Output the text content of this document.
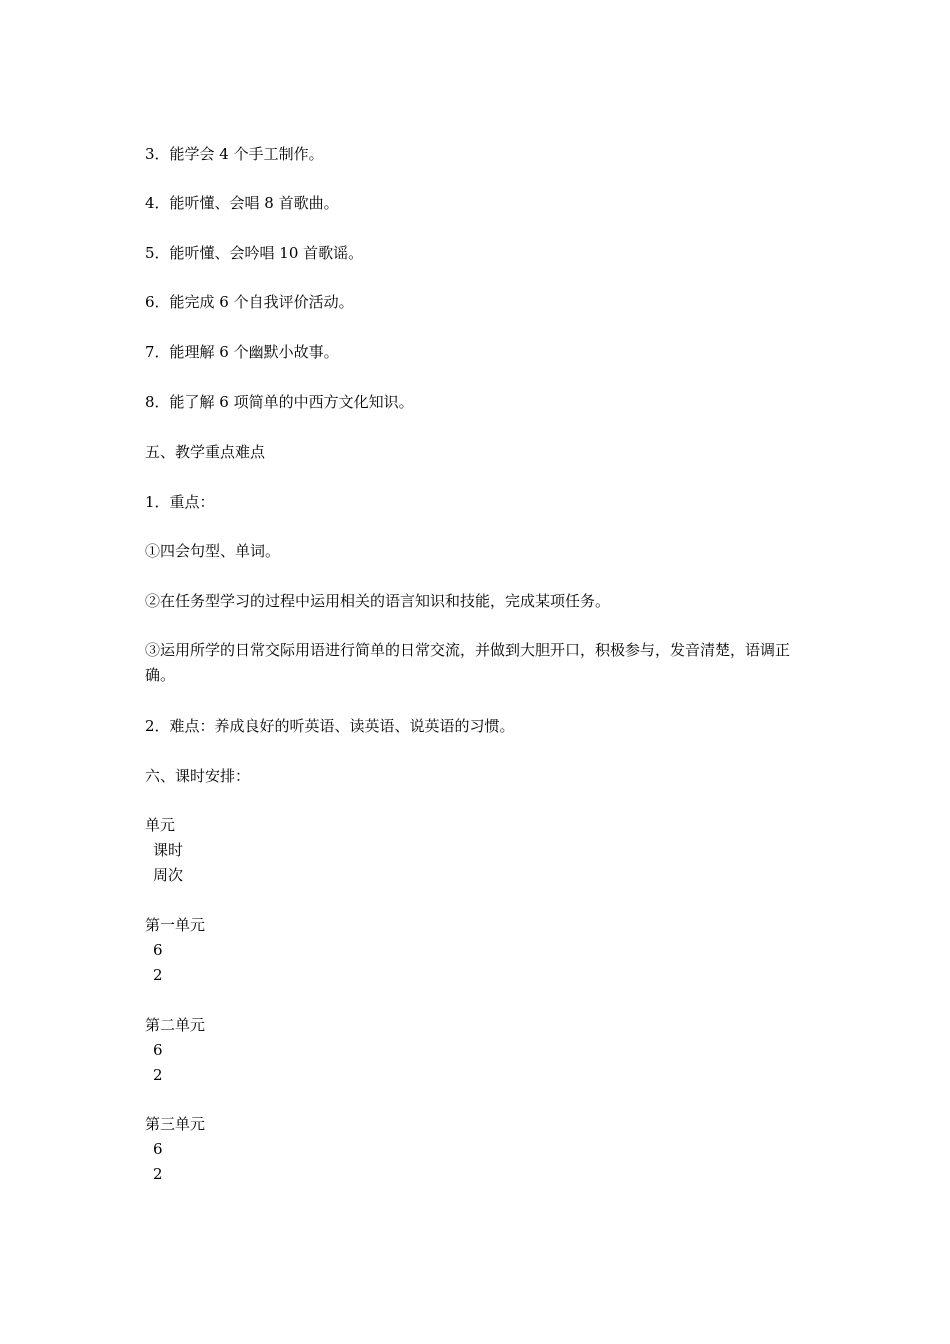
3．能学会 4 个手工制作。
4．能听懂、会唱 8 首歌曲。
5．能听懂、会吟唱 10 首歌谣。
6．能完成 6 个自我评价活动。
7．能理解 6 个幽默小故事。
8．能了解 6 项简单的中西方文化知识。
五、教学重点难点
1．重点：
①四会句型、单词。
②在任务型学习的过程中运用相关的语言知识和技能，完成某项任务。
③运用所学的日常交际用语进行简单的日常交流，并做到大胆开口，积极参与，发音清楚，语调正确。
2．难点：养成良好的听英语、读英语、说英语的习惯。
六、课时安排：
单元
课时
周次
第一单元
6
2
第二单元
6
2
第三单元
6
2
